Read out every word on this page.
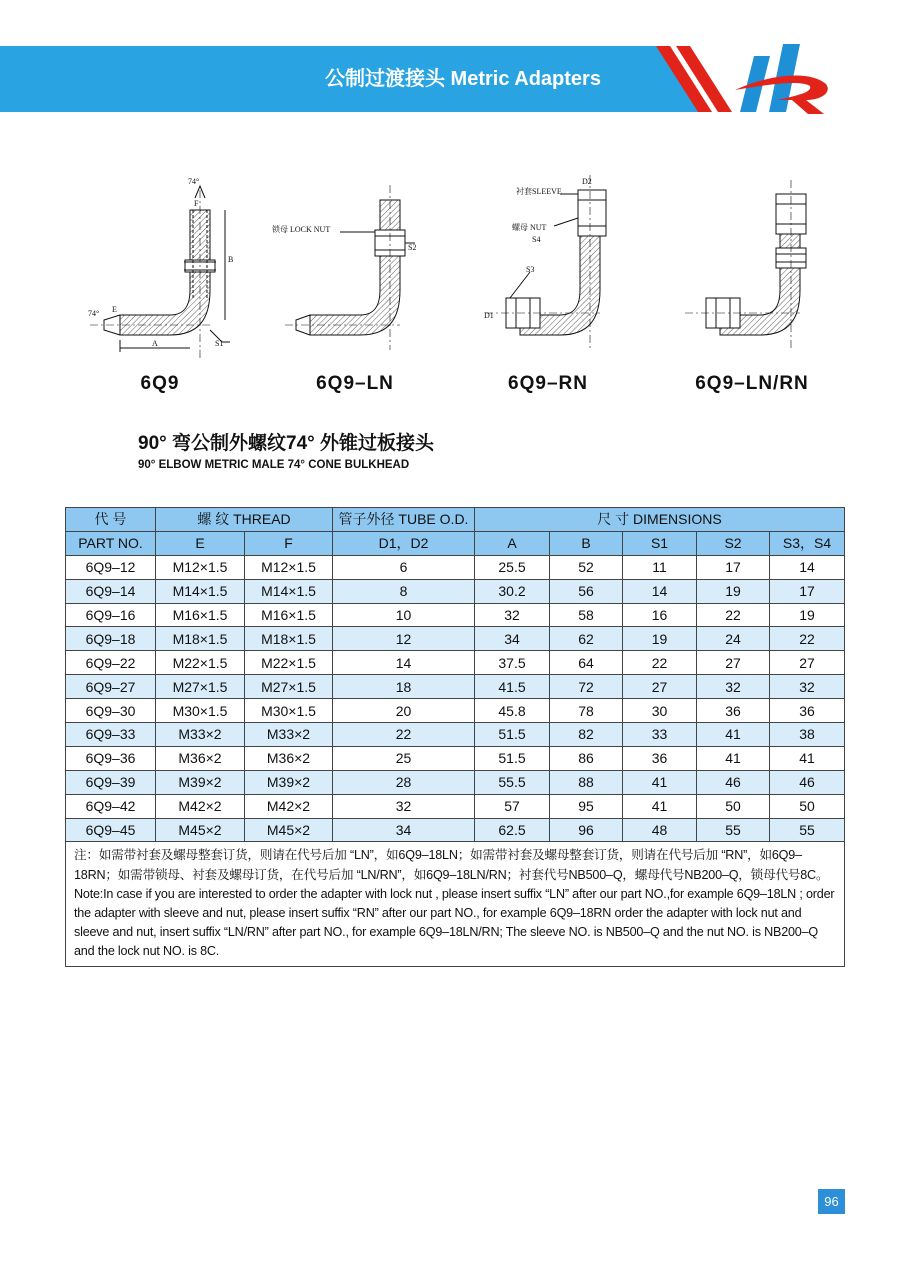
公制过渡接头 Metric Adapters
74°
F
B
74° E
A	S1
锁母 LOCK NUT
S2
衬套SLEEVE
D2
螺母 NUT
S4
S3
D1
6Q9	6Q9–LN	6Q9–RN	6Q9–LN/RN
90° 弯公制外螺纹74° 外锥过板接头
90° ELBOW METRIC MALE 74° CONE BULKHEAD
代 号	螺 纹 THREAD		管子外径 TUBE O.D.	尺 寸 DIMENSIONS				
PART NO.	E	F	D1，D2	A	B	S1	S2	S3，S4
6Q9–12	M12×1.5	M12×1.5	6	25.5	52	11	17	14
6Q9–14	M14×1.5	M14×1.5	8	30.2	56	14	19	17
6Q9–16	M16×1.5	M16×1.5	10	32	58	16	22	19
6Q9–18	M18×1.5	M18×1.5	12	34	62	19	24	22
6Q9–22	M22×1.5	M22×1.5	14	37.5	64	22	27	27
6Q9–27	M27×1.5	M27×1.5	18	41.5	72	27	32	32
6Q9–30	M30×1.5	M30×1.5	20	45.8	78	30	36	36
6Q9–33	M33×2	M33×2	22	51.5	82	33	41	38
6Q9–36	M36×2	M36×2	25	51.5	86	36	41	41
6Q9–39	M39×2	M39×2	28	55.5	88	41	46	46
6Q9–42	M42×2	M42×2	32	57	95	41	50	50
6Q9–45	M45×2	M45×2	34	62.5	96	48	55	55

注：如需带衬套及螺母整套订货，则请在代号后加 “LN”，如6Q9–18LN；如需带衬套及螺母整套订货，则请在代号后加 “RN”，如6Q9–18RN；如需带锁母、衬套及螺母订货，在代号后加 “LN/RN”，如6Q9–18LN/RN；衬套代号NB500–Q，螺母代号NB200–Q，锁母代号8C。

Note:In case if you are interested to order the adapter with lock nut , please insert suffix “LN” after our part NO.,for example 6Q9–18LN ; order the adapter with sleeve and nut, please insert suffix “RN” after our part NO., for example 6Q9–18RN order the adapter with lock nut and sleeve and nut, insert suffix “LN/RN” after part NO., for example 6Q9–18LN/RN; The sleeve NO. is NB500–Q and the nut NO. is NB200–Q and the lock nut NO. is 8C.								

96
